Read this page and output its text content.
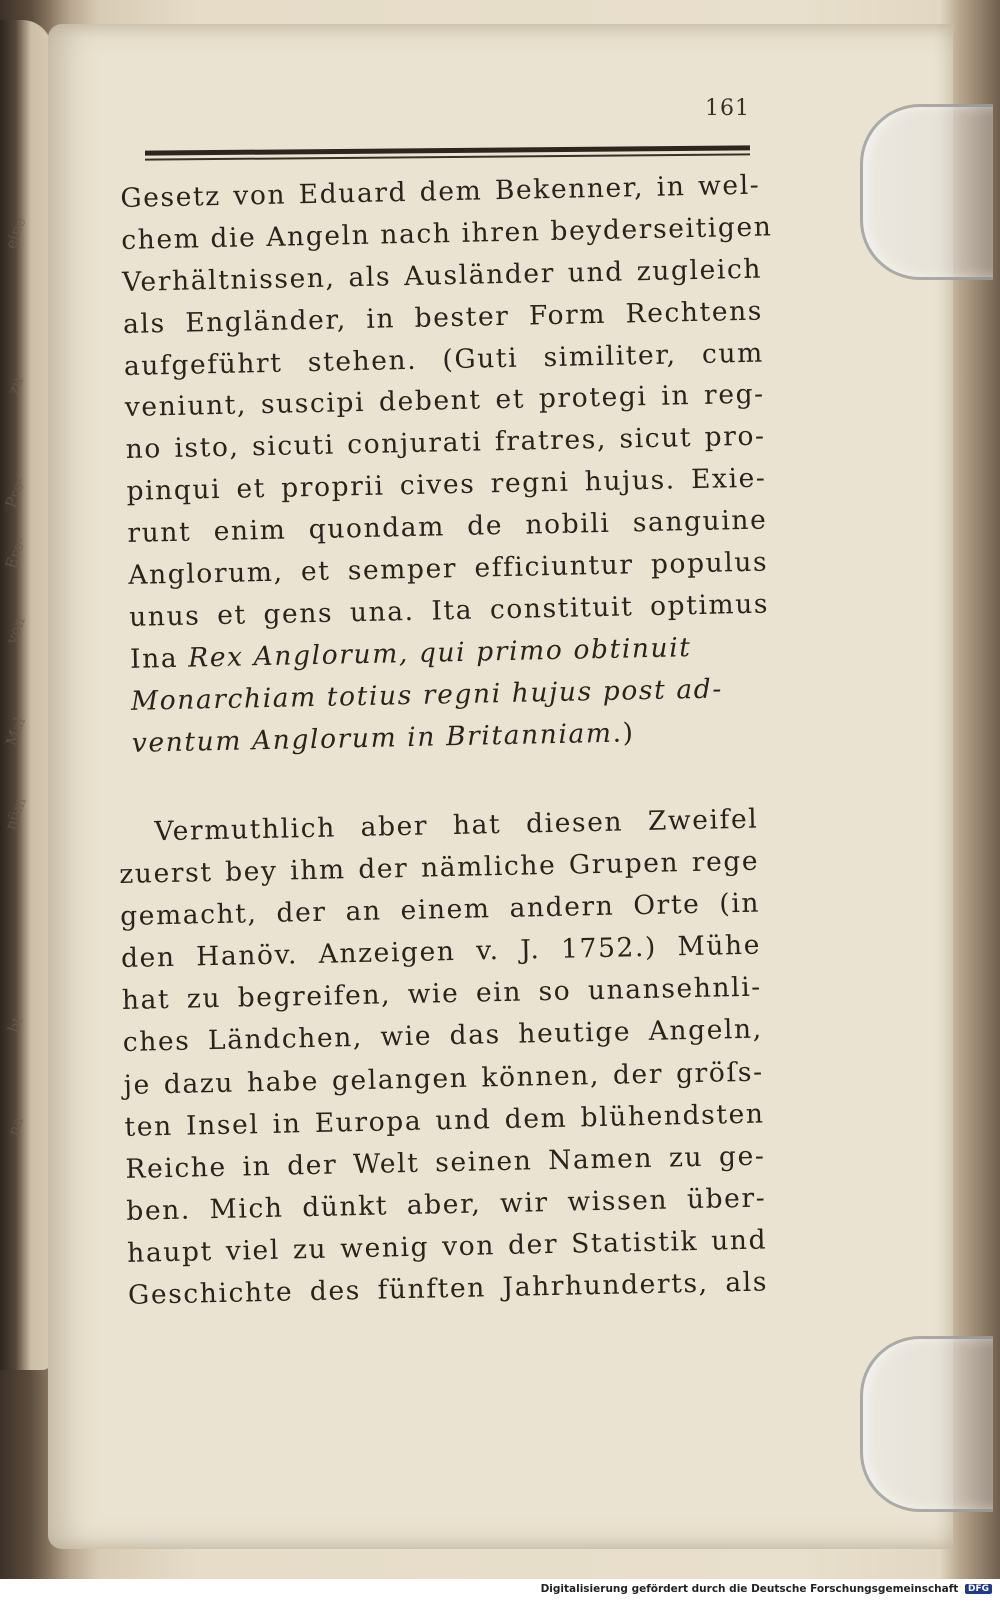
eine
zu
Pro-
Ero-
von
Mal
nüm
bt
na
161
Gesetz von Eduard dem Bekenner, in wel-
chem die Angeln nach ihren beyderseitigen
Verhältnissen, als Ausländer und zugleich
als Engländer, in bester Form Rechtens
aufgeführt stehen. (Guti similiter, cum
veniunt, suscipi debent et protegi in reg-
no isto, sicuti conjurati fratres, sicut pro-
pinqui et proprii cives regni hujus. Exie-
runt enim quondam de nobili sanguine
Anglorum, et semper efficiuntur populus
unus et gens una. Ita constituit optimus
Ina Rex Anglorum, qui primo obtinuit
Monarchiam totius regni hujus post ad-
ventum Anglorum in Britanniam.)
Vermuthlich aber hat diesen Zweifel
zuerst bey ihm der nämliche Grupen rege
gemacht, der an einem andern Orte (in
den Hanöv. Anzeigen v. J. 1752.) Mühe
hat zu begreifen, wie ein so unansehnli-
ches Ländchen, wie das heutige Angeln,
je dazu habe gelangen können, der gröſs-
ten Insel in Europa und dem blühendsten
Reiche in der Welt seinen Namen zu ge-
ben. Mich dünkt aber, wir wissen über-
haupt viel zu wenig von der Statistik und
Geschichte des fünften Jahrhunderts, als
Digitalisierung gefördert durch die Deutsche Forschungsgemeinschaft DFG
